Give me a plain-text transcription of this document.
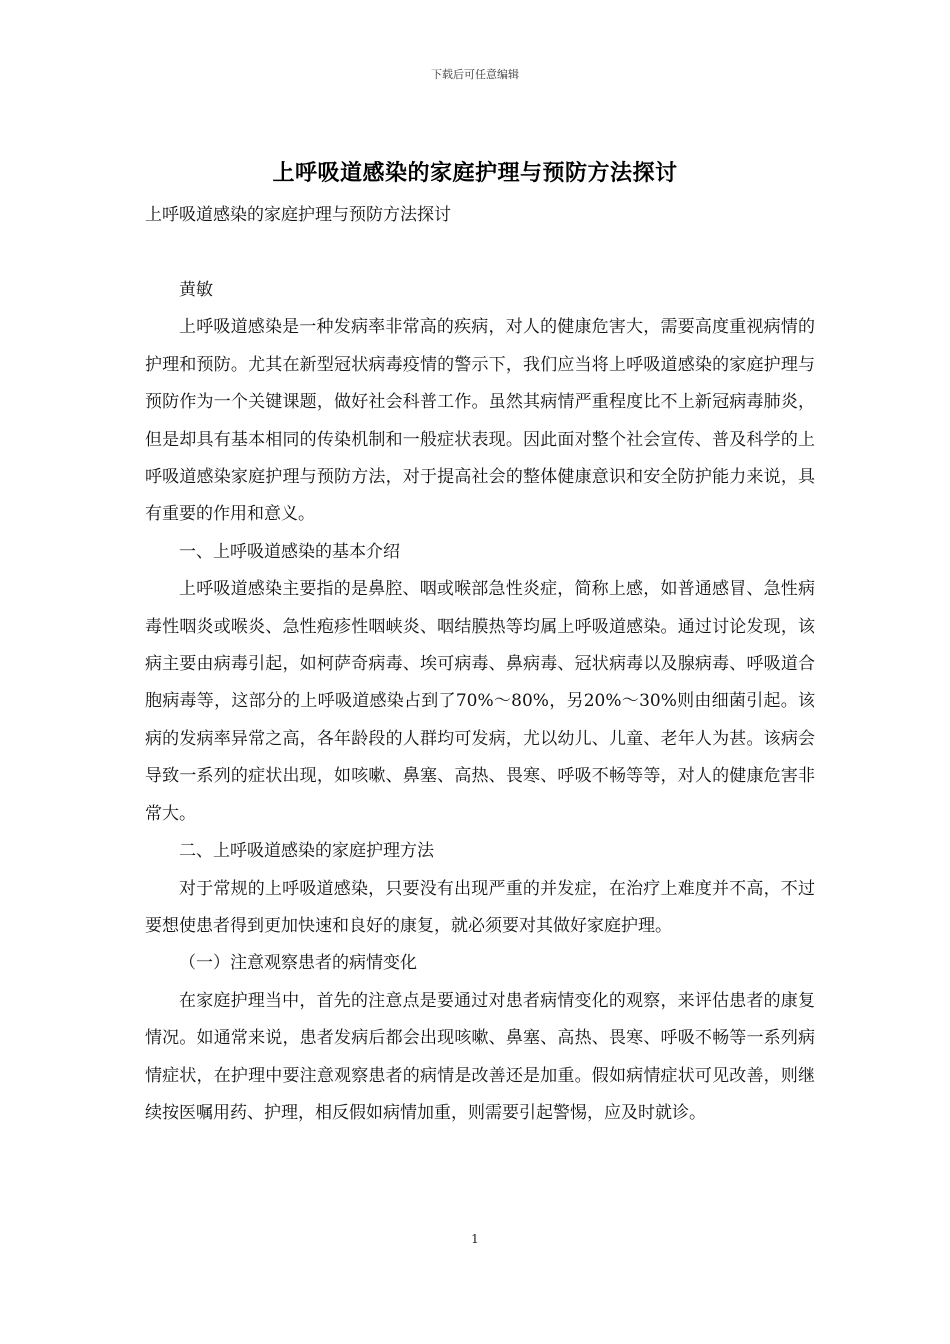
下载后可任意编辑
上呼吸道感染的家庭护理与预防方法探讨
上呼吸道感染的家庭护理与预防方法探讨

黄敏

上呼吸道感染是一种发病率非常高的疾病，对人的健康危害大，需要高度重视病情的护理和预防。尤其在新型冠状病毒疫情的警示下，我们应当将上呼吸道感染的家庭护理与预防作为一个关键课题，做好社会科普工作。虽然其病情严重程度比不上新冠病毒肺炎，但是却具有基本相同的传染机制和一般症状表现。因此面对整个社会宣传、普及科学的上呼吸道感染家庭护理与预防方法，对于提高社会的整体健康意识和安全防护能力来说，具有重要的作用和意义。

一、上呼吸道感染的基本介绍

上呼吸道感染主要指的是鼻腔、咽或喉部急性炎症，简称上感，如普通感冒、急性病毒性咽炎或喉炎、急性疱疹性咽峡炎、咽结膜热等均属上呼吸道感染。通过讨论发现，该病主要由病毒引起，如柯萨奇病毒、埃可病毒、鼻病毒、冠状病毒以及腺病毒、呼吸道合胞病毒等，这部分的上呼吸道感染占到了70%～80%，另20%～30%则由细菌引起。该病的发病率异常之高，各年龄段的人群均可发病，尤以幼儿、儿童、老年人为甚。该病会导致一系列的症状出现，如咳嗽、鼻塞、高热、畏寒、呼吸不畅等等，对人的健康危害非常大。

二、上呼吸道感染的家庭护理方法

对于常规的上呼吸道感染，只要没有出现严重的并发症，在治疗上难度并不高，不过要想使患者得到更加快速和良好的康复，就必须要对其做好家庭护理。

（一）注意观察患者的病情变化

在家庭护理当中，首先的注意点是要通过对患者病情变化的观察，来评估患者的康复情况。如通常来说，患者发病后都会出现咳嗽、鼻塞、高热、畏寒、呼吸不畅等一系列病情症状，在护理中要注意观察患者的病情是改善还是加重。假如病情症状可见改善，则继续按医嘱用药、护理，相反假如病情加重，则需要引起警惕，应及时就诊。

1
